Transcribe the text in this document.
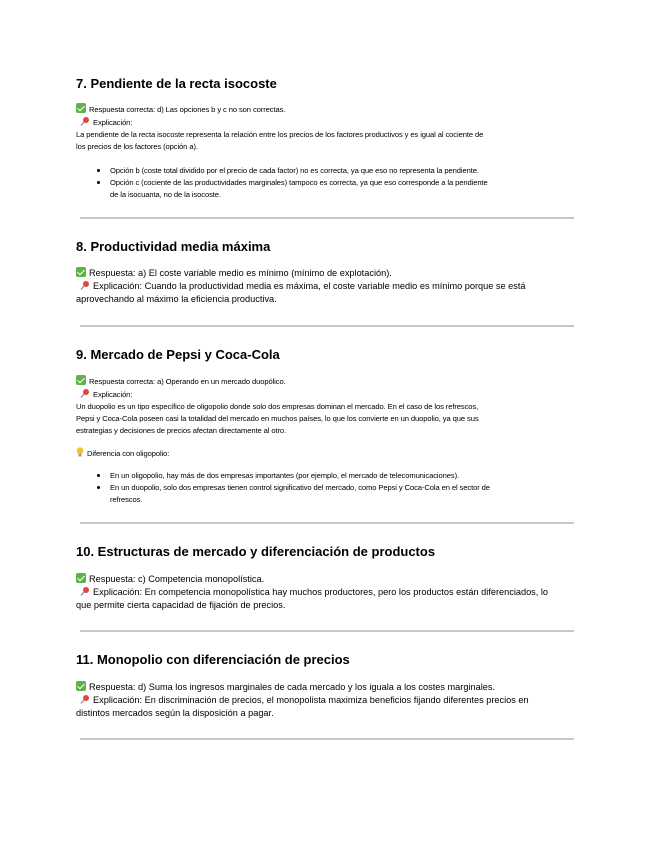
7. Pendiente de la recta isocoste

Respuesta correcta: d) Las opciones b y c no son correctas.

Explicación:

La pendiente de la recta isocoste representa la relación entre los precios de los factores productivos y es igual al cociente de
los precios de los factores (opción a).

Opción b (coste total dividido por el precio de cada factor) no es correcta, ya que eso no representa la pendiente.
Opción c (cociente de las productividades marginales) tampoco es correcta, ya que eso corresponde a la pendiente
de la isocuanta, no de la isocoste.
8. Productividad media máxima

Respuesta: a) El coste variable medio es mínimo (mínimo de explotación).

Explicación: Cuando la productividad media es máxima, el coste variable medio es mínimo porque se está
aprovechando al máximo la eficiencia productiva.

9. Mercado de Pepsi y Coca-Cola

Respuesta correcta: a) Operando en un mercado duopólico.

Explicación:

Un duopolio es un tipo específico de oligopolio donde solo dos empresas dominan el mercado. En el caso de los refrescos,
Pepsi y Coca-Cola poseen casi la totalidad del mercado en muchos países, lo que los convierte en un duopolio, ya que sus
estrategias y decisiones de precios afectan directamente al otro.

Diferencia con oligopolio:

En un oligopolio, hay más de dos empresas importantes (por ejemplo, el mercado de telecomunicaciones).
En un duopolio, solo dos empresas tienen control significativo del mercado, como Pepsi y Coca-Cola en el sector de
refrescos.
10. Estructuras de mercado y diferenciación de productos

Respuesta: c) Competencia monopolística.

Explicación: En competencia monopolística hay muchos productores, pero los productos están diferenciados, lo
que permite cierta capacidad de fijación de precios.

11. Monopolio con diferenciación de precios

Respuesta: d) Suma los ingresos marginales de cada mercado y los iguala a los costes marginales.

Explicación: En discriminación de precios, el monopolista maximiza beneficios fijando diferentes precios en
distintos mercados según la disposición a pagar.
